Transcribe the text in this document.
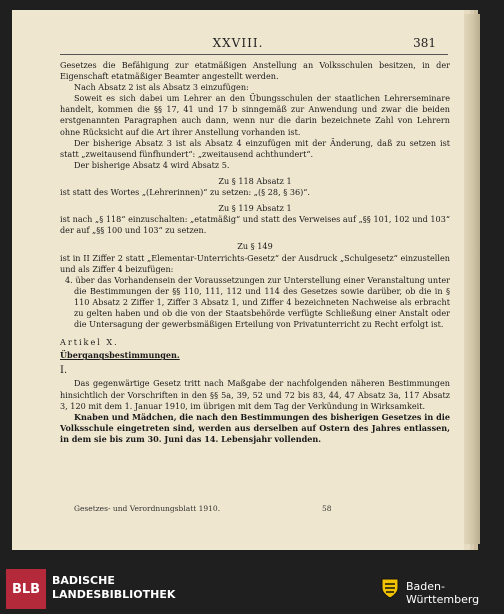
XXVIII.	381

Gesetzes die Befähigung zur etatmäßigen Anstellung an Volksschulen besitzen, in der Eigenschaft etatmäßiger Beamter angestellt werden.

Nach Absatz 2 ist als Absatz 3 einzufügen:

Soweit es sich dabei um Lehrer an den Übungsschulen der staatlichen Lehrerseminare handelt, kommen die §§ 17, 41 und 17 b sinngemäß zur Anwendung und zwar die beiden erstgenannten Paragraphen auch dann, wenn nur die darin bezeichnete Zahl von Lehrern ohne Rücksicht auf die Art ihrer Anstellung vorhanden ist.

Der bisherige Absatz 3 ist als Absatz 4 einzufügen mit der Änderung, daß zu setzen ist statt „zweitausend fünfhundert“: „zweitausend achthundert“.

Der bisherige Absatz 4 wird Absatz 5.

Zu § 118 Absatz 1

ist statt des Wortes „(Lehrerinnen)“ zu setzen: „(§ 28, § 36)“.

Zu § 119 Absatz 1

ist nach „§ 118“ einzuschalten: „etatmäßig“ und statt des Verweises auf „§§ 101, 102 und 103“ der auf „§§ 100 und 103“ zu setzen.

Zu § 149

ist in II Ziffer 2 statt „Elementar-Unterrichts-Gesetz“ der Ausdruck „Schulgesetz“ einzustellen und als Ziffer 4 beizufügen:

4. über das Vorhandensein der Voraussetzungen zur Unterstellung einer Veranstaltung unter die Bestimmungen der §§ 110, 111, 112 und 114 des Gesetzes sowie darüber, ob die in § 110 Absatz 2 Ziffer 1, Ziffer 3 Absatz 1, und Ziffer 4 bezeichneten Nachweise als erbracht zu gelten haben und ob die von der Staatsbehörde verfügte Schließung einer Anstalt oder die Untersagung der gewerbsmäßigen Erteilung von Privatunterricht zu Recht erfolgt ist.

Artikel X.

Übergangsbestimmungen.

I.

Das gegenwärtige Gesetz tritt nach Maßgabe der nachfolgenden näheren Bestimmungen hinsichtlich der Vorschriften in den §§ 5a, 39, 52 und 72 bis 83, 44, 47 Absatz 3a, 117 Absatz 3, 120 mit dem 1. Januar 1910, im übrigen mit dem Tag der Verkündung in Wirksamkeit.

Knaben und Mädchen, die nach den Bestimmungen des bisherigen Gesetzes in die Volksschule eingetreten sind, werden aus derselben auf Ostern des Jahres entlassen, in dem sie bis zum 30. Juni das 14. Lebensjahr vollenden.

Gesetzes- und Verordnungsblatt 1910.	58
BLB
BADISCHE
LANDESBIBLIOTHEK
Baden-Württemberg
